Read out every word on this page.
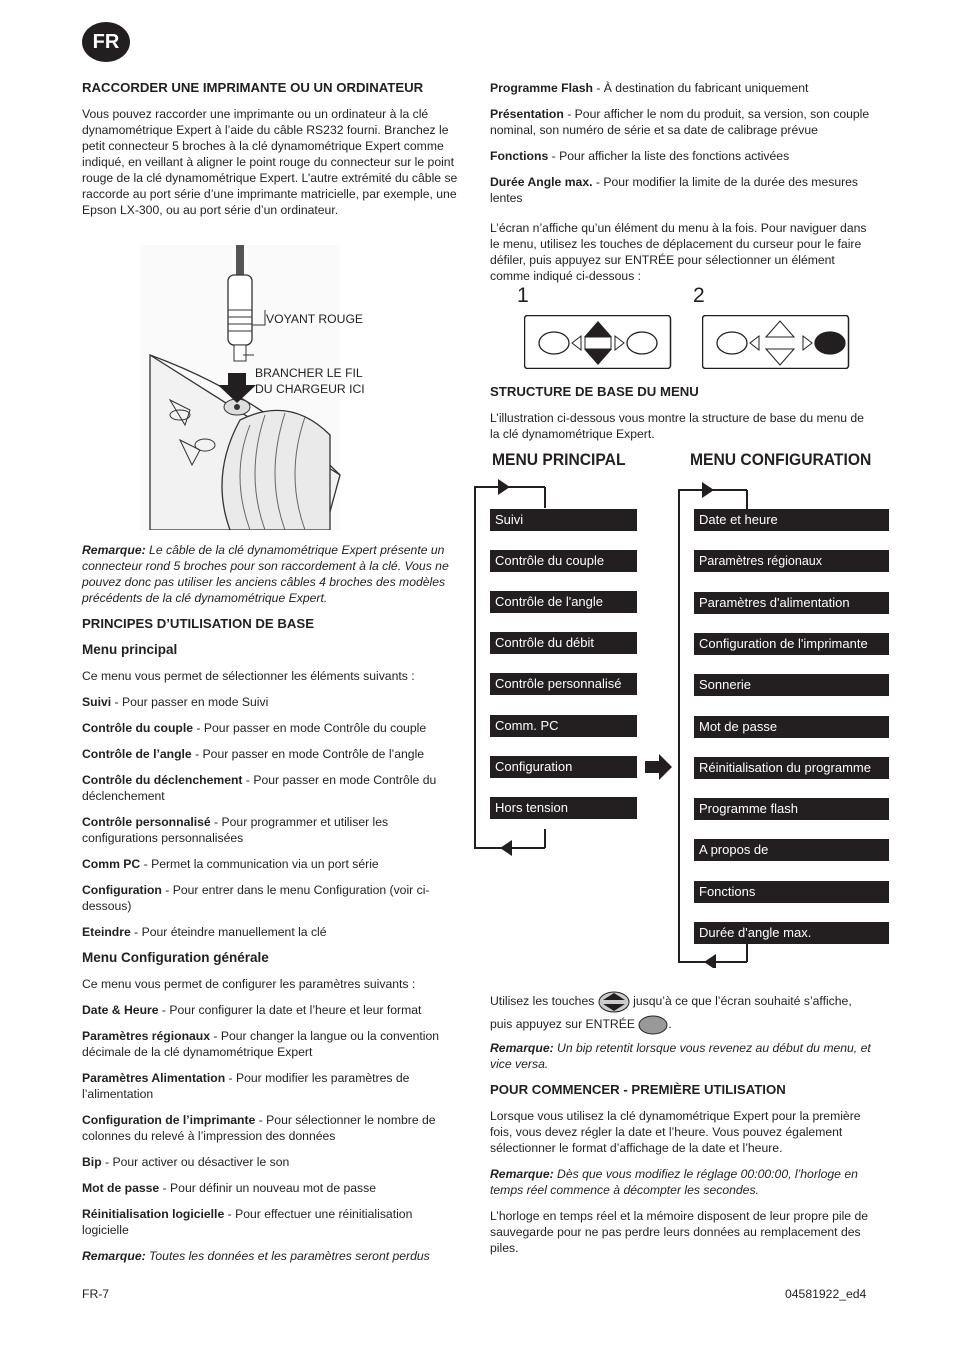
FR
RACCORDER UNE IMPRIMANTE OU UN ORDINATEUR

Vous pouvez raccorder une imprimante ou un ordinateur à la clé dynamométrique Expert à l’aide du câble RS232 fourni. Branchez le petit connecteur 5 broches à la clé dynamométrique Expert comme indiqué, en veillant à aligner le point rouge du connecteur sur le point rouge de la clé dynamométrique Expert. L’autre extrémité du câble se raccorde au port série d’une imprimante matricielle, par exemple, une Epson LX-300, ou au port série d’un ordinateur.

VOYANT ROUGE
BRANCHER LE FIL
DU CHARGEUR ICI

Remarque: Le câble de la clé dynamométrique Expert présente un connecteur rond 5 broches pour son raccordement à la clé. Vous ne pouvez donc pas utiliser les anciens câbles 4 broches des modèles précédents de la clé dynamométrique Expert.

PRINCIPES D’UTILISATION DE BASE
Menu principal

Ce menu vous permet de sélectionner les éléments suivants :

Suivi - Pour passer en mode Suivi

Contrôle du couple - Pour passer en mode Contrôle du couple

Contrôle de l’angle - Pour passer en mode Contrôle de l’angle

Contrôle du déclenchement - Pour passer en mode Contrôle du déclenchement

Contrôle personnalisé - Pour programmer et utiliser les configurations personnalisées

Comm PC - Permet la communication via un port série

Configuration - Pour entrer dans le menu Configuration (voir ci-dessous)

Eteindre - Pour éteindre manuellement la clé

Menu Configuration générale

Ce menu vous permet de configurer les paramètres suivants :

Date & Heure - Pour configurer la date et l’heure et leur format

Paramètres régionaux - Pour changer la langue ou la convention décimale de la clé dynamométrique Expert

Paramètres Alimentation - Pour modifier les paramètres de l’alimentation

Configuration de l’imprimante - Pour sélectionner le nombre de colonnes du relevé à l’impression des données

Bip - Pour activer ou désactiver le son

Mot de passe - Pour définir un nouveau mot de passe

Réinitialisation logicielle - Pour effectuer une réinitialisation logicielle

Remarque: Toutes les données et les paramètres seront perdus

Programme Flash - À destination du fabricant uniquement

Présentation - Pour afficher le nom du produit, sa version, son couple nominal, son numéro de série et sa date de calibrage prévue

Fonctions - Pour afficher la liste des fonctions activées

Durée Angle max. - Pour modifier la limite de la durée des mesures lentes

L’écran n’affiche qu’un élément du menu à la fois. Pour naviguer dans le menu, utilisez les touches de déplacement du curseur pour le faire défiler, puis appuyez sur ENTRÉE pour sélectionner un élément comme indiqué ci-dessous :

1	2
STRUCTURE DE BASE DU MENU

L’illustration ci-dessous vous montre la structure de base du menu de la clé dynamométrique Expert.

MENU PRINCIPAL	MENU CONFIGURATION
Suivi
Contrôle du couple
Contrôle de l'angle
Contrôle du débit
Contrôle personnalisé
Comm. PC
Configuration
Hors tension
Date et heure
Paramètres régionaux
Paramètres d'alimentation
Configuration de l'imprimante
Sonnerie
Mot de passe
Réinitialisation du programme
Programme flash
A propos de
Fonctions
Durée d'angle max.
Utilisez les touches	jusqu’à ce que l’écran souhaité s’affiche,
puis appuyez sur ENTRÉE	.

Remarque: Un bip retentit lorsque vous revenez au début du menu, et vice versa.

POUR COMMENCER - PREMIÈRE UTILISATION

Lorsque vous utilisez la clé dynamométrique Expert pour la première fois, vous devez régler la date et l’heure. Vous pouvez également sélectionner le format d’affichage de la date et l’heure.

Remarque: Dès que vous modifiez le réglage 00:00:00, l’horloge en temps réel commence à décompter les secondes.

L’horloge en temps réel et la mémoire disposent de leur propre pile de sauvegarde pour ne pas perdre leurs données au remplacement des piles.

FR-7	04581922_ed4
